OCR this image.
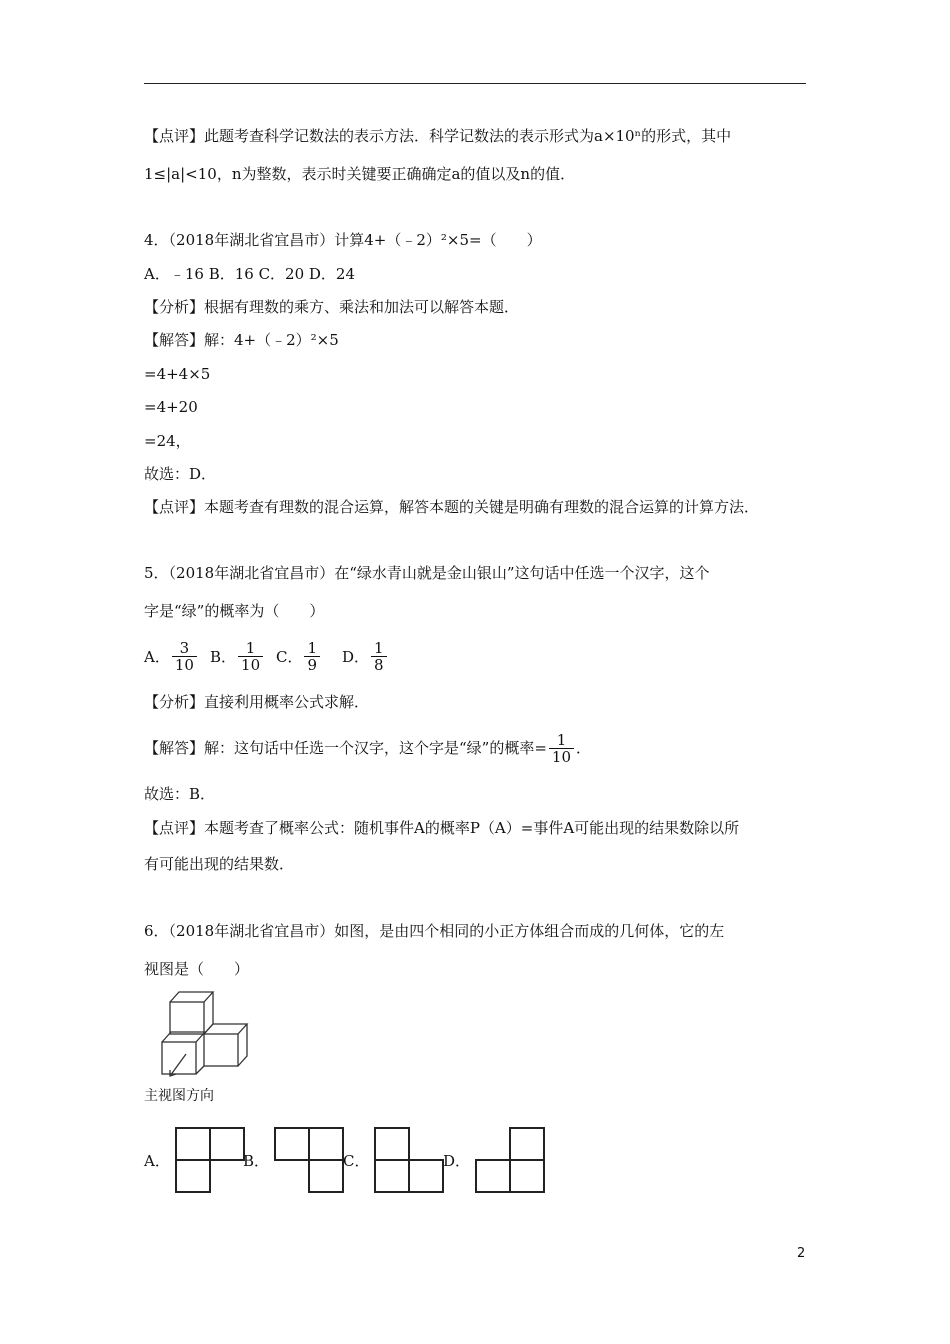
【点评】此题考查科学记数法的表示方法．科学记数法的表示形式为a×10ⁿ的形式，其中
1≤|a|<10，n为整数，表示时关键要正确确定a的值以及n的值．
4．（2018年湖北省宜昌市）计算4+（﹣2）²×5=（　　）
A．﹣16 B．16 C．20 D．24
【分析】根据有理数的乘方、乘法和加法可以解答本题．
【解答】解：4+（﹣2）²×5
=4+4×5
=4+20
=24，
故选：D．
【点评】本题考查有理数的混合运算，解答本题的关键是明确有理数的混合运算的计算方法．
5．（2018年湖北省宜昌市）在“绿水青山就是金山银山”这句话中任选一个汉字，这个
字是“绿”的概率为（　　）
A． $\frac{3}{10}$ B． $\frac{1}{10}$ C． $\frac{1}{9}$ D． $\frac{1}{8}$
【分析】直接利用概率公式求解．
【解答】解：这句话中任选一个汉字，这个字是“绿”的概率= $\frac{1}{10}$ ．
故选：B．
【点评】本题考查了概率公式：随机事件A的概率P（A）=事件A可能出现的结果数除以所
有可能出现的结果数．
6．（2018年湖北省宜昌市）如图，是由四个相同的小正方体组合而成的几何体，它的左
视图是（　　）
主视图方向
A．	B．	C．	D．
2
